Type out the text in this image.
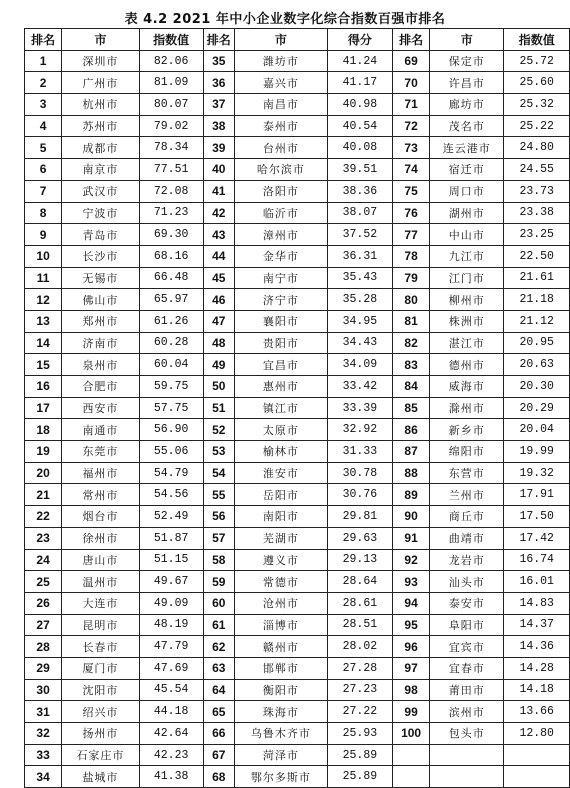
表 4.2 2021 年中小企业数字化综合指数百强市排名
排名	市	指数值	排名	市	得分	排名	市	指数值
1	深圳市	82.06	35	潍坊市	41.24	69	保定市	25.72
2	广州市	81.09	36	嘉兴市	41.17	70	许昌市	25.60
3	杭州市	80.07	37	南昌市	40.98	71	廊坊市	25.32
4	苏州市	79.02	38	泰州市	40.54	72	茂名市	25.22
5	成都市	78.34	39	台州市	40.08	73	连云港市	24.80
6	南京市	77.51	40	哈尔滨市	39.51	74	宿迁市	24.55
7	武汉市	72.08	41	洛阳市	38.36	75	周口市	23.73
8	宁波市	71.23	42	临沂市	38.07	76	湖州市	23.38
9	青岛市	69.30	43	漳州市	37.52	77	中山市	23.25
10	长沙市	68.16	44	金华市	36.31	78	九江市	22.50
11	无锡市	66.48	45	南宁市	35.43	79	江门市	21.61
12	佛山市	65.97	46	济宁市	35.28	80	柳州市	21.18
13	郑州市	61.26	47	襄阳市	34.95	81	株洲市	21.12
14	济南市	60.28	48	贵阳市	34.43	82	湛江市	20.95
15	泉州市	60.04	49	宜昌市	34.09	83	德州市	20.63
16	合肥市	59.75	50	惠州市	33.42	84	威海市	20.30
17	西安市	57.75	51	镇江市	33.39	85	滁州市	20.29
18	南通市	56.90	52	太原市	32.92	86	新乡市	20.04
19	东莞市	55.06	53	榆林市	31.33	87	绵阳市	19.99
20	福州市	54.79	54	淮安市	30.78	88	东营市	19.32
21	常州市	54.56	55	岳阳市	30.76	89	兰州市	17.91
22	烟台市	52.49	56	南阳市	29.81	90	商丘市	17.50
23	徐州市	51.87	57	芜湖市	29.63	91	曲靖市	17.42
24	唐山市	51.15	58	遵义市	29.13	92	龙岩市	16.74
25	温州市	49.67	59	常德市	28.64	93	汕头市	16.01
26	大连市	49.09	60	沧州市	28.61	94	泰安市	14.83
27	昆明市	48.19	61	淄博市	28.51	95	阜阳市	14.37
28	长春市	47.79	62	赣州市	28.02	96	宜宾市	14.36
29	厦门市	47.69	63	邯郸市	27.28	97	宜春市	14.28
30	沈阳市	45.54	64	衡阳市	27.23	98	莆田市	14.18
31	绍兴市	44.18	65	珠海市	27.22	99	滨州市	13.66
32	扬州市	42.64	66	乌鲁木齐市	25.93	100	包头市	12.80
33	石家庄市	42.23	67	菏泽市	25.89			
34	盐城市	41.38	68	鄂尔多斯市	25.89			
